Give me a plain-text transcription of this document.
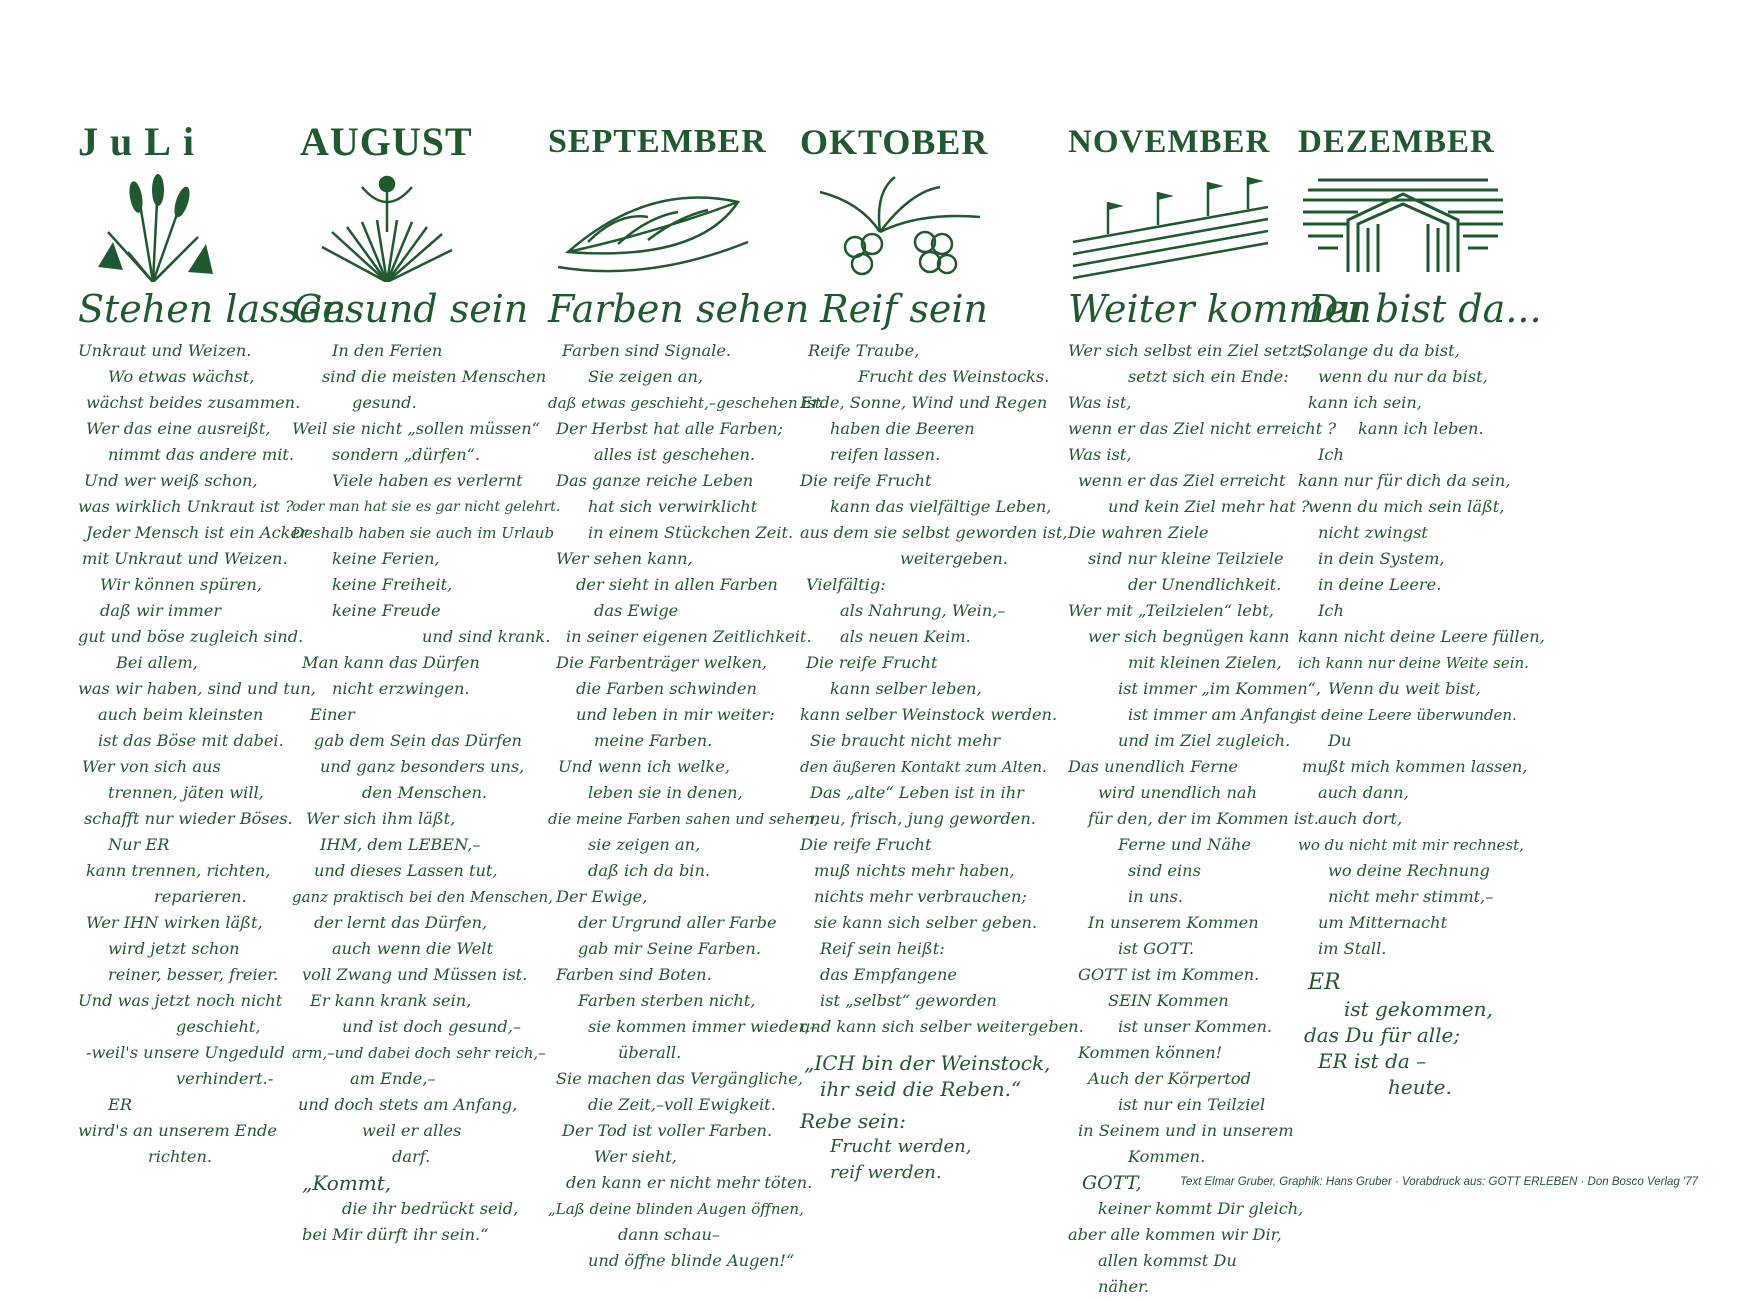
JuLi
Stehen lassen
Unkraut und Weizen.
Wo etwas wächst,
wächst beides zusammen.
Wer das eine ausreißt,
nimmt das andere mit.
Und wer weiß schon,
was wirklich Unkraut ist ?
Jeder Mensch ist ein Acker
mit Unkraut und Weizen.
Wir können spüren,
daß wir immer
gut und böse zugleich sind.
Bei allem,
was wir haben, sind und tun,
auch beim kleinsten
ist das Böse mit dabei.
Wer von sich aus
trennen, jäten will,
schafft nur wieder Böses.
Nur ER
kann trennen, richten,
reparieren.
Wer IHN wirken läßt,
wird jetzt schon
reiner, besser, freier.
Und was jetzt noch nicht
geschieht,
-weil's unsere Ungeduld
verhindert.-
ER
wird's an unserem Ende
richten.
AUGUST
Gesund sein
In den Ferien
sind die meisten Menschen
gesund.
Weil sie nicht „sollen müssen“
sondern „dürfen“.
Viele haben es verlernt
oder man hat sie es gar nicht gelehrt.
Deshalb haben sie auch im Urlaub
keine Ferien,
keine Freiheit,
keine Freude
und sind krank.
Man kann das Dürfen
nicht erzwingen.
Einer
gab dem Sein das Dürfen
und ganz besonders uns,
den Menschen.
Wer sich ihm läßt,
IHM, dem LEBEN,–
und dieses Lassen tut,
ganz praktisch bei den Menschen,
der lernt das Dürfen,
auch wenn die Welt
voll Zwang und Müssen ist.
Er kann krank sein,
und ist doch gesund,–
arm,–und dabei doch sehr reich,–
am Ende,–
und doch stets am Anfang,
weil er alles
darf.
„Kommt,
die ihr bedrückt seid,
bei Mir dürft ihr sein.“
SEPTEMBER
Farben sehen
Farben sind Signale.
Sie zeigen an,
daß etwas geschieht,–geschehen ist.
Der Herbst hat alle Farben;
alles ist geschehen.
Das ganze reiche Leben
hat sich verwirklicht
in einem Stückchen Zeit.
Wer sehen kann,
der sieht in allen Farben
das Ewige
in seiner eigenen Zeitlichkeit.
Die Farbenträger welken,
die Farben schwinden
und leben in mir weiter:
meine Farben.
Und wenn ich welke,
leben sie in denen,
die meine Farben sahen und sehen,
sie zeigen an,
daß ich da bin.
Der Ewige,
der Urgrund aller Farbe
gab mir Seine Farben.
Farben sind Boten.
Farben sterben nicht,
sie kommen immer wieder,–
überall.
Sie machen das Vergängliche,
die Zeit,–voll Ewigkeit.
Der Tod ist voller Farben.
Wer sieht,
den kann er nicht mehr töten.
„Laß deine blinden Augen öffnen,
dann schau–
und öffne blinde Augen!“
OKTOBER
Reif sein
Reife Traube,
Frucht des Weinstocks.
Erde, Sonne, Wind und Regen
haben die Beeren
reifen lassen.
Die reife Frucht
kann das vielfältige Leben,
aus dem sie selbst geworden ist,
weitergeben.
Vielfältig:
als Nahrung, Wein,–
als neuen Keim.
Die reife Frucht
kann selber leben,
kann selber Weinstock werden.
Sie braucht nicht mehr
den äußeren Kontakt zum Alten.
Das „alte“ Leben ist in ihr
neu, frisch, jung geworden.
Die reife Frucht
muß nichts mehr haben,
nichts mehr verbrauchen;
sie kann sich selber geben.
Reif sein heißt:
das Empfangene
ist „selbst“ geworden
und kann sich selber weitergeben.
„ICH bin der Weinstock,
ihr seid die Reben.“
Rebe sein:
Frucht werden,
reif werden.
NOVEMBER
Weiter kommen
Wer sich selbst ein Ziel setzt,
setzt sich ein Ende:
Was ist,
wenn er das Ziel nicht erreicht ?
Was ist,
wenn er das Ziel erreicht
und kein Ziel mehr hat ?
Die wahren Ziele
sind nur kleine Teilziele
der Unendlichkeit.
Wer mit „Teilzielen“ lebt,
wer sich begnügen kann
mit kleinen Zielen,
ist immer „im Kommen“,
ist immer am Anfang
und im Ziel zugleich.
Das unendlich Ferne
wird unendlich nah
für den, der im Kommen ist.
Ferne und Nähe
sind eins
in uns.
In unserem Kommen
ist GOTT.
GOTT ist im Kommen.
SEIN Kommen
ist unser Kommen.
Kommen können!
Auch der Körpertod
ist nur ein Teilziel
in Seinem und in unserem
Kommen.
GOTT,
keiner kommt Dir gleich,
aber alle kommen wir Dir,
allen kommst Du
näher.
DEZEMBER
Du bist da...
Solange du da bist,
wenn du nur da bist,
kann ich sein,
kann ich leben.
Ich
kann nur für dich da sein,
wenn du mich sein läßt,
nicht zwingst
in dein System,
in deine Leere.
Ich
kann nicht deine Leere füllen,
ich kann nur deine Weite sein.
Wenn du weit bist,
ist deine Leere überwunden.
Du
mußt mich kommen lassen,
auch dann,
auch dort,
wo du nicht mit mir rechnest,
wo deine Rechnung
nicht mehr stimmt,–
um Mitternacht
im Stall.
ER
ist gekommen,
das Du für alle;
ER ist da –
heute.
Text Elmar Gruber, Graphik: Hans Gruber · Vorabdruck aus: GOTT ERLEBEN · Don Bosco Verlag '77
